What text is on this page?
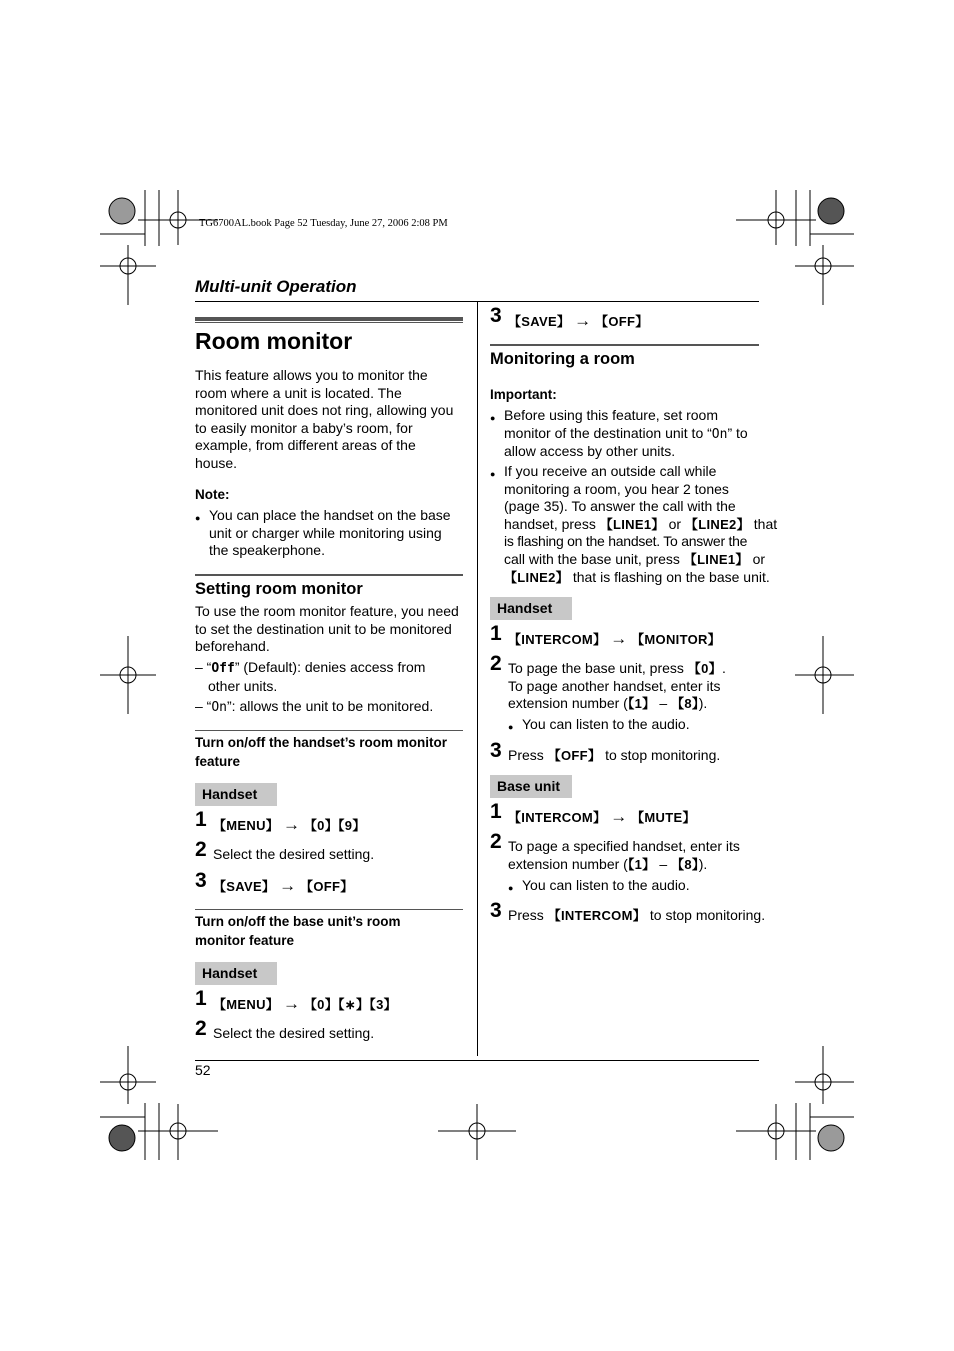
TG6700AL.book Page 52 Tuesday, June 27, 2006 2:08 PM
Multi-unit Operation
Room monitor
This feature allows you to monitor the
room where a unit is located. The
monitored unit does not ring, allowing you
to easily monitor a baby’s room, for
example, from different areas of the
house.
Note:
● You can place the handset on the base
unit or charger while monitoring using
the speakerphone.
Setting room monitor
To use the room monitor feature, you need
to set the destination unit to be monitored
beforehand.
– “Off” (Default): denies access from
other units.
– “On”: allows the unit to be monitored.
Turn on/off the handset’s room monitor
feature
Handset
1 【MENU】 → 【0】【9】
2 Select the desired setting.
3 【SAVE】 → 【OFF】
Turn on/off the base unit’s room
monitor feature
Handset
1 【MENU】 → 【0】【∗】【3】
2 Select the desired setting.
3 【SAVE】 → 【OFF】
Monitoring a room
Important:
● Before using this feature, set room
monitor of the destination unit to “On” to
allow access by other units.
● If you receive an outside call while
monitoring a room, you hear 2 tones
(page 35). To answer the call with the
handset, press 【LINE1】 or 【LINE2】 that
is flashing on the handset. To answer the
call with the base unit, press 【LINE1】 or
【LINE2】 that is flashing on the base unit.
Handset
1 【INTERCOM】 → 【MONITOR】
2 To page the base unit, press 【0】.
To page another handset, enter its
extension number (【1】 – 【8】).
● You can listen to the audio.
3 Press 【OFF】 to stop monitoring.
Base unit
1 【INTERCOM】 → 【MUTE】
2 To page a specified handset, enter its
extension number (【1】 – 【8】).
● You can listen to the audio.
3 Press 【INTERCOM】 to stop monitoring.
52
